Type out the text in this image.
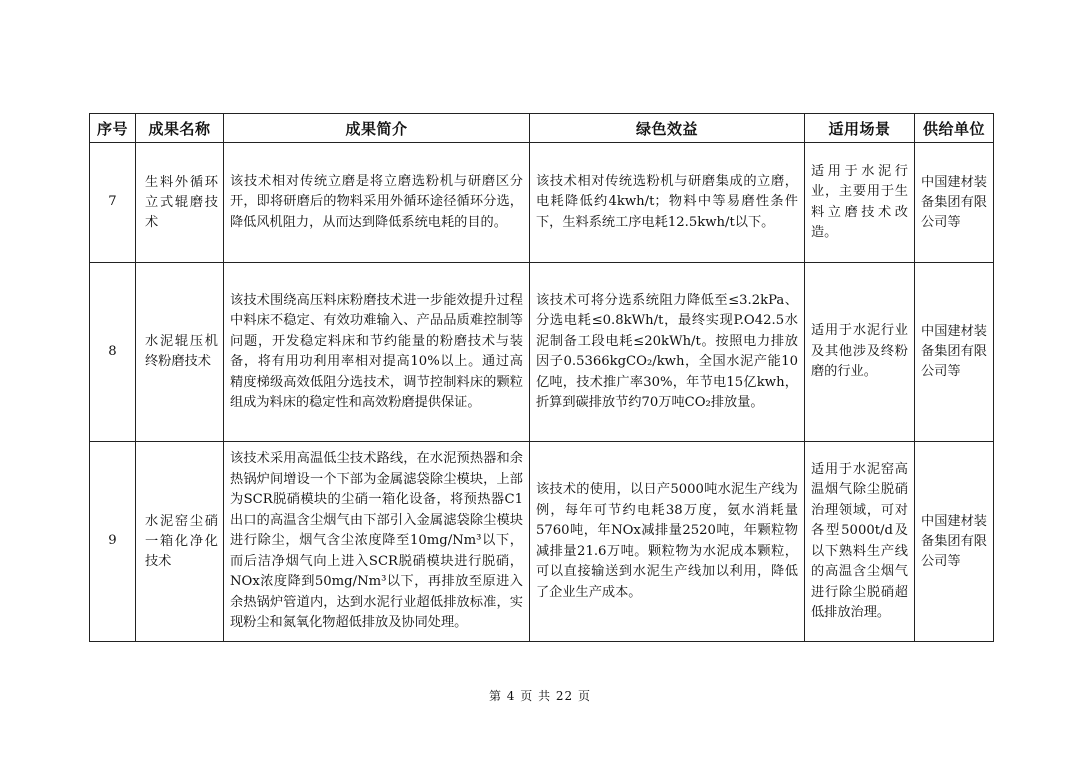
序号	成果名称	成果简介	绿色效益	适用场景	供给单位
7	生料外循环立式辊磨技术	该技术相对传统立磨是将立磨选粉机与研磨区分开，即将研磨后的物料采用外循环途径循环分选，降低风机阻力，从而达到降低系统电耗的目的。	该技术相对传统选粉机与研磨集成的立磨，电耗降低约4kwh/t；物料中等易磨性条件下，生料系统工序电耗12.5kwh/t以下。	适用于水泥行业，主要用于生料立磨技术改造。	中国建材装备集团有限公司等
8	水泥辊压机终粉磨技术	该技术围绕高压料床粉磨技术进一步能效提升过程中料床不稳定、有效功难输入、产品品质难控制等问题，开发稳定料床和节约能量的粉磨技术与装备，将有用功利用率相对提高10%以上。通过高精度梯级高效低阻分选技术，调节控制料床的颗粒组成为料床的稳定性和高效粉磨提供保证。	该技术可将分选系统阻力降低至≤3.2kPa、分选电耗≤0.8kWh/t，最终实现P.O42.5水泥制备工段电耗≤20kWh/t。按照电力排放因子0.5366kgCO₂/kwh，全国水泥产能10亿吨，技术推广率30%，年节电15亿kwh，折算到碳排放节约70万吨CO₂排放量。	适用于水泥行业及其他涉及终粉磨的行业。	中国建材装备集团有限公司等
9	水泥窑尘硝一箱化净化技术	该技术采用高温低尘技术路线，在水泥预热器和余热锅炉间增设一个下部为金属滤袋除尘模块，上部为SCR脱硝模块的尘硝一箱化设备，将预热器C1出口的高温含尘烟气由下部引入金属滤袋除尘模块进行除尘，烟气含尘浓度降至10mg/Nm³以下，而后洁净烟气向上进入SCR脱硝模块进行脱硝，NOx浓度降到50mg/Nm³以下，再排放至原进入余热锅炉管道内，达到水泥行业超低排放标准，实现粉尘和氮氧化物超低排放及协同处理。	该技术的使用，以日产5000吨水泥生产线为例，每年可节约电耗38万度，氨水消耗量5760吨，年NOx减排量2520吨，年颗粒物减排量21.6万吨。颗粒物为水泥成本颗粒，可以直接输送到水泥生产线加以利用，降低了企业生产成本。	适用于水泥窑高温烟气除尘脱硝治理领域，可对各型5000t/d及以下熟料生产线的高温含尘烟气进行除尘脱硝超低排放治理。	中国建材装备集团有限公司等
第 4 页 共 22 页
